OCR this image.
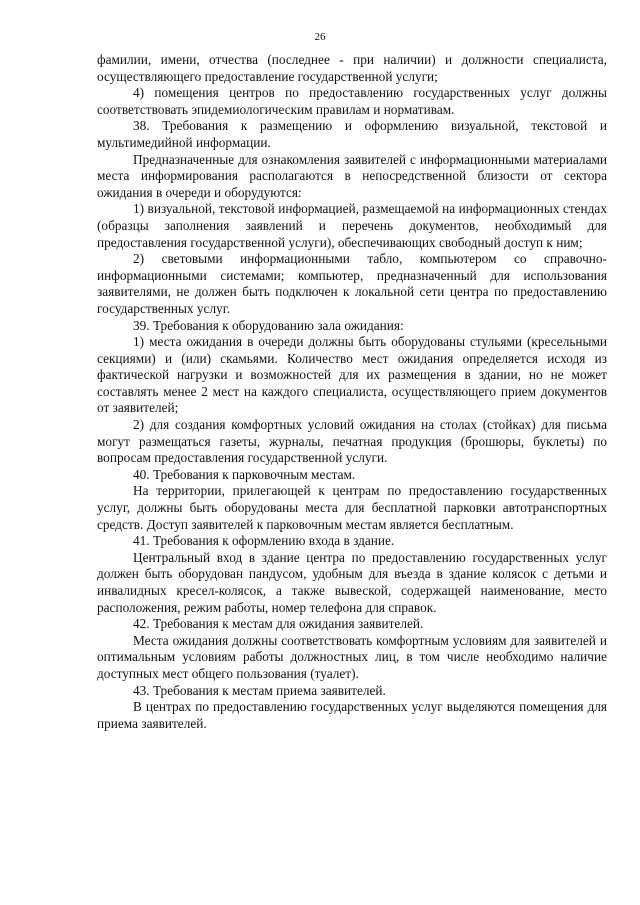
26

фамилии, имени, отчества (последнее - при наличии) и должности специалиста, осуществляющего предоставление государственной услуги;

4) помещения центров по предоставлению государственных услуг должны соответствовать эпидемиологическим правилам и нормативам.

38. Требования к размещению и оформлению визуальной, текстовой и мультимедийной информации.

Предназначенные для ознакомления заявителей с информационными материалами места информирования располагаются в непосредственной близости от сектора ожидания в очереди и оборудуются:

1) визуальной, текстовой информацией, размещаемой на информационных стендах (образцы заполнения заявлений и перечень документов, необходимый для предоставления государственной услуги), обеспечивающих свободный доступ к ним;

2) световыми информационными табло, компьютером со справочно-информационными системами; компьютер, предназначенный для использования заявителями, не должен быть подключен к локальной сети центра по предоставлению государственных услуг.

39. Требования к оборудованию зала ожидания:

1) места ожидания в очереди должны быть оборудованы стульями (кресельными секциями) и (или) скамьями. Количество мест ожидания определяется исходя из фактической нагрузки и возможностей для их размещения в здании, но не может составлять менее 2 мест на каждого специалиста, осуществляющего прием документов от заявителей;

2) для создания комфортных условий ожидания на столах (стойках) для письма могут размещаться газеты, журналы, печатная продукция (брошюры, буклеты) по вопросам предоставления государственной услуги.

40. Требования к парковочным местам.

На территории, прилегающей к центрам по предоставлению государственных услуг, должны быть оборудованы места для бесплатной парковки автотранспортных средств. Доступ заявителей к парковочным местам является бесплатным.

41. Требования к оформлению входа в здание.

Центральный вход в здание центра по предоставлению государственных услуг должен быть оборудован пандусом, удобным для въезда в здание колясок с детьми и инвалидных кресел-колясок, а также вывеской, содержащей наименование, место расположения, режим работы, номер телефона для справок.

42. Требования к местам для ожидания заявителей.

Места ожидания должны соответствовать комфортным условиям для заявителей и оптимальным условиям работы должностных лиц, в том числе необходимо наличие доступных мест общего пользования (туалет).

43. Требования к местам приема заявителей.

В центрах по предоставлению государственных услуг выделяются помещения для приема заявителей.
